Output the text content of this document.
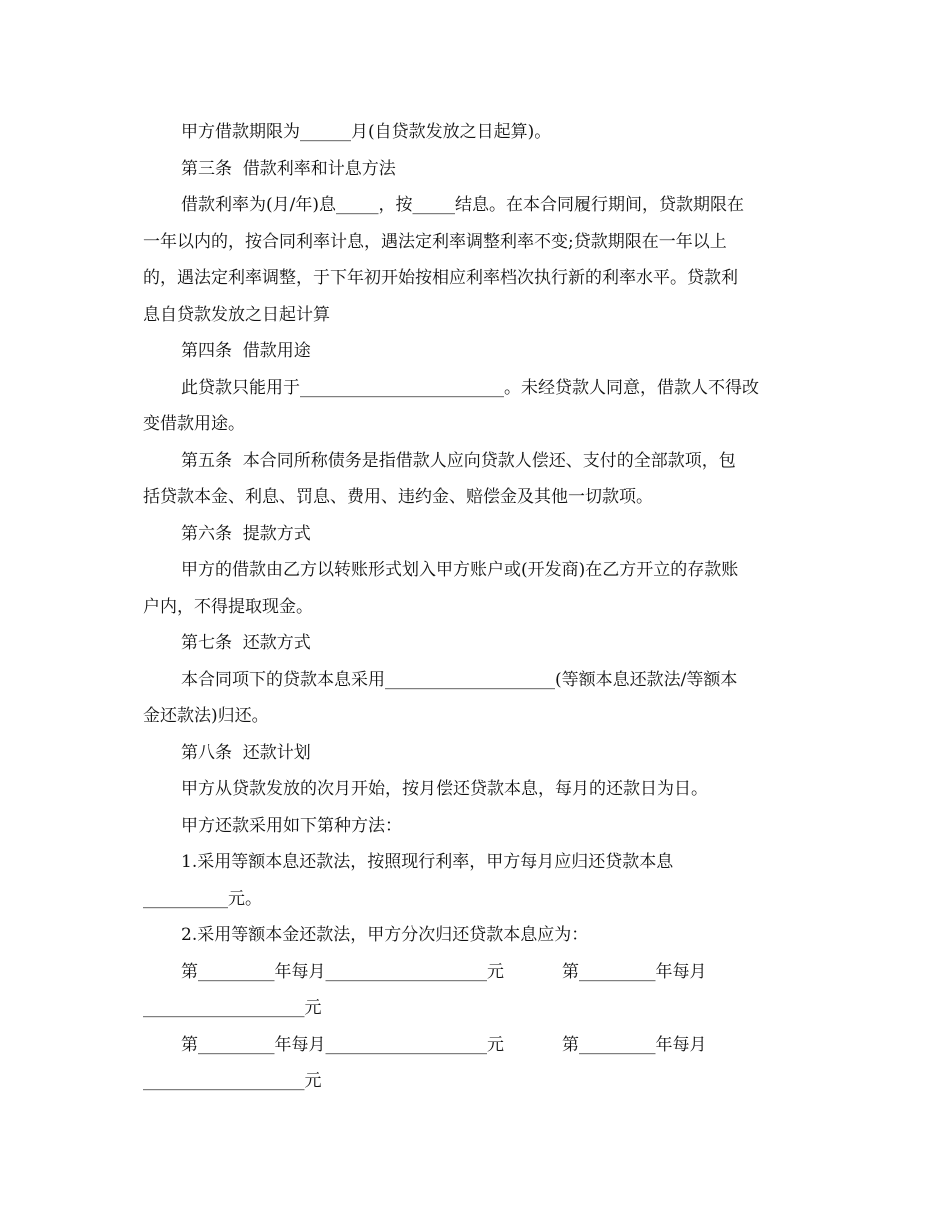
甲方借款期限为______月(自贷款发放之日起算)。

第三条  借款利率和计息方法

借款利率为(月/年)息_____，按_____结息。在本合同履行期间，贷款期限在
一年以内的，按合同利率计息，遇法定利率调整利率不变;贷款期限在一年以上
的，遇法定利率调整，于下年初开始按相应利率档次执行新的利率水平。贷款利
息自贷款发放之日起计算

第四条  借款用途

此贷款只能用于________________________。未经贷款人同意，借款人不得改
变借款用途。

第五条  本合同所称债务是指借款人应向贷款人偿还、支付的全部款项，包
括贷款本金、利息、罚息、费用、违约金、赔偿金及其他一切款项。

第六条  提款方式

甲方的借款由乙方以转账形式划入甲方账户或(开发商)在乙方开立的存款账
户内，不得提取现金。

第七条  还款方式

本合同项下的贷款本息采用____________________(等额本息还款法/等额本
金还款法)归还。

第八条  还款计划

甲方从贷款发放的次月开始，按月偿还贷款本息，每月的还款日为日。

甲方还款采用如下第种方法：

1.采用等额本息还款法，按照现行利率，甲方每月应归还贷款本息
__________元。

2.采用等额本金还款法，甲方分次归还贷款本息应为：

第_________年每月___________________元	第_________年每月

___________________元

第_________年每月___________________元	第_________年每月

___________________元
